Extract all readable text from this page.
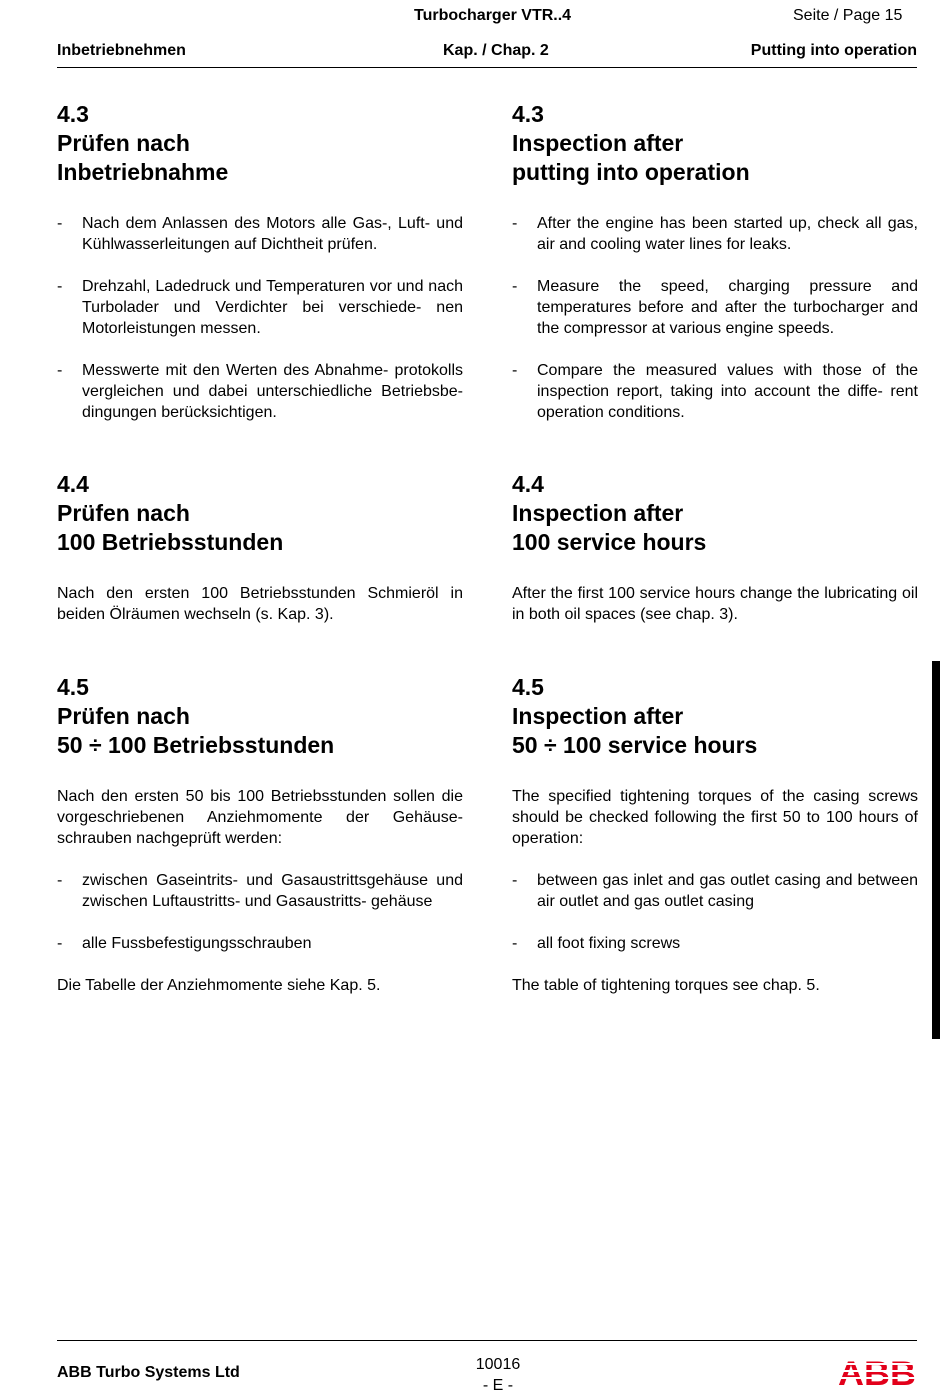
Turbocharger VTR..4	Seite / Page 15
Inbetriebnehmen	Kap. / Chap. 2	Putting into operation
4.3
Prüfen nach
Inbetriebnahme
- Nach dem Anlassen des Motors alle Gas-, Luft- und Kühlwasserleitungen auf Dichtheit prüfen.
- Drehzahl, Ladedruck und Temperaturen vor und nach Turbolader und Verdichter bei verschiede- nen Motorleistungen messen.
- Messwerte mit den Werten des Abnahme- protokolls vergleichen und dabei unterschiedliche Betriebsbe-dingungen berücksichtigen.
4.3
Inspection after
putting into operation
- After the engine has been started up, check all gas, air and cooling water lines for leaks.
- Measure the speed, charging pressure and temperatures before and after the turbocharger and the compressor at various engine speeds.
- Compare the measured values with those of the inspection report, taking into account the diffe- rent operation conditions.
4.4
Prüfen nach
100 Betriebsstunden

Nach den ersten 100 Betriebsstunden Schmieröl in beiden Ölräumen wechseln (s. Kap. 3).

4.4
Inspection after
100 service hours

After the first 100 service hours change the lubricating oil in both oil spaces (see chap. 3).

4.5
Prüfen nach
50 ÷ 100 Betriebsstunden

Nach den ersten 50 bis 100 Betriebsstunden sollen die vorgeschriebenen Anziehmomente der Gehäuse- schrauben nachgeprüft werden:

- zwischen Gaseintrits- und Gasaustrittsgehäuse und zwischen Luftaustritts- und Gasaustritts- gehäuse
- alle Fussbefestigungsschrauben

Die Tabelle der Anziehmomente siehe Kap. 5.

4.5
Inspection after
50 ÷ 100 service hours

The specified tightening torques of the casing screws should be checked following the first 50 to 100 hours of operation:

- between gas inlet and gas outlet casing and between air outlet and gas outlet casing
- all foot fixing screws

The table of tightening torques see chap. 5.

ABB Turbo Systems Ltd	10016
- E -	ABB
